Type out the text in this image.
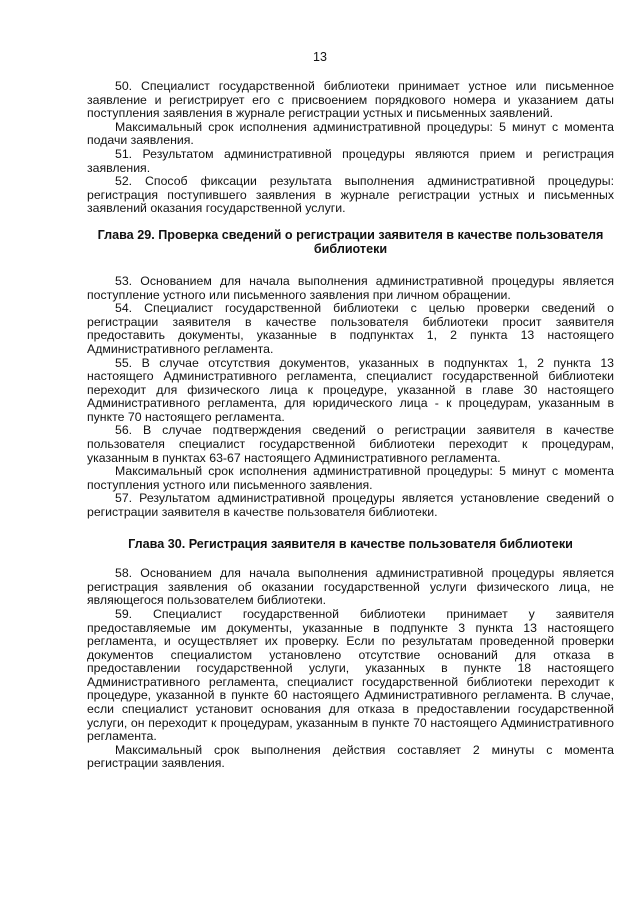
13

50. Специалист государственной библиотеки принимает устное или письменное заявление и регистрирует его с присвоением порядкового номера и указанием даты поступления заявления в журнале регистрации устных и письменных заявлений.

Максимальный срок исполнения административной процедуры: 5 минут с момента подачи заявления.

51. Результатом административной процедуры являются прием и регистрация заявления.

52. Способ фиксации результата выполнения административной процедуры: регистрация поступившего заявления в журнале регистрации устных и письменных заявлений оказания государственной услуги.

Глава 29. Проверка сведений о регистрации заявителя в качестве пользователя библиотеки

53. Основанием для начала выполнения административной процедуры является поступление устного или письменного заявления при личном обращении.

54. Специалист государственной библиотеки с целью проверки сведений о регистрации заявителя в качестве пользователя библиотеки просит заявителя предоставить документы, указанные в подпунктах 1, 2 пункта 13 настоящего Административного регламента.

55. В случае отсутствия документов, указанных в подпунктах 1, 2 пункта 13 настоящего Административного регламента, специалист государственной библиотеки переходит для физического лица к процедуре, указанной в главе 30 настоящего Административного регламента, для юридического лица - к процедурам, указанным в пункте 70 настоящего регламента.

56. В случае подтверждения сведений о регистрации заявителя в качестве пользователя специалист государственной библиотеки переходит к процедурам, указанным в пунктах 63-67 настоящего Административного регламента.

Максимальный срок исполнения административной процедуры: 5 минут с момента поступления устного или письменного заявления.

57. Результатом административной процедуры является установление сведений о регистрации заявителя в качестве пользователя библиотеки.

Глава 30. Регистрация заявителя в качестве пользователя библиотеки

58. Основанием для начала выполнения административной процедуры является регистрация заявления об оказании государственной услуги физического лица, не являющегося пользователем библиотеки.

59. Специалист государственной библиотеки принимает у заявителя предоставляемые им документы, указанные в подпункте 3 пункта 13 настоящего регламента, и осуществляет их проверку. Если по результатам проведенной проверки документов специалистом установлено отсутствие оснований для отказа в предоставлении государственной услуги, указанных в пункте 18 настоящего Административного регламента, специалист государственной библиотеки переходит к процедуре, указанной в пункте 60 настоящего Административного регламента. В случае, если специалист установит основания для отказа в предоставлении государственной услуги, он переходит к процедурам, указанным в пункте 70 настоящего Административного регламента.

Максимальный срок выполнения действия составляет 2 минуты с момента регистрации заявления.
